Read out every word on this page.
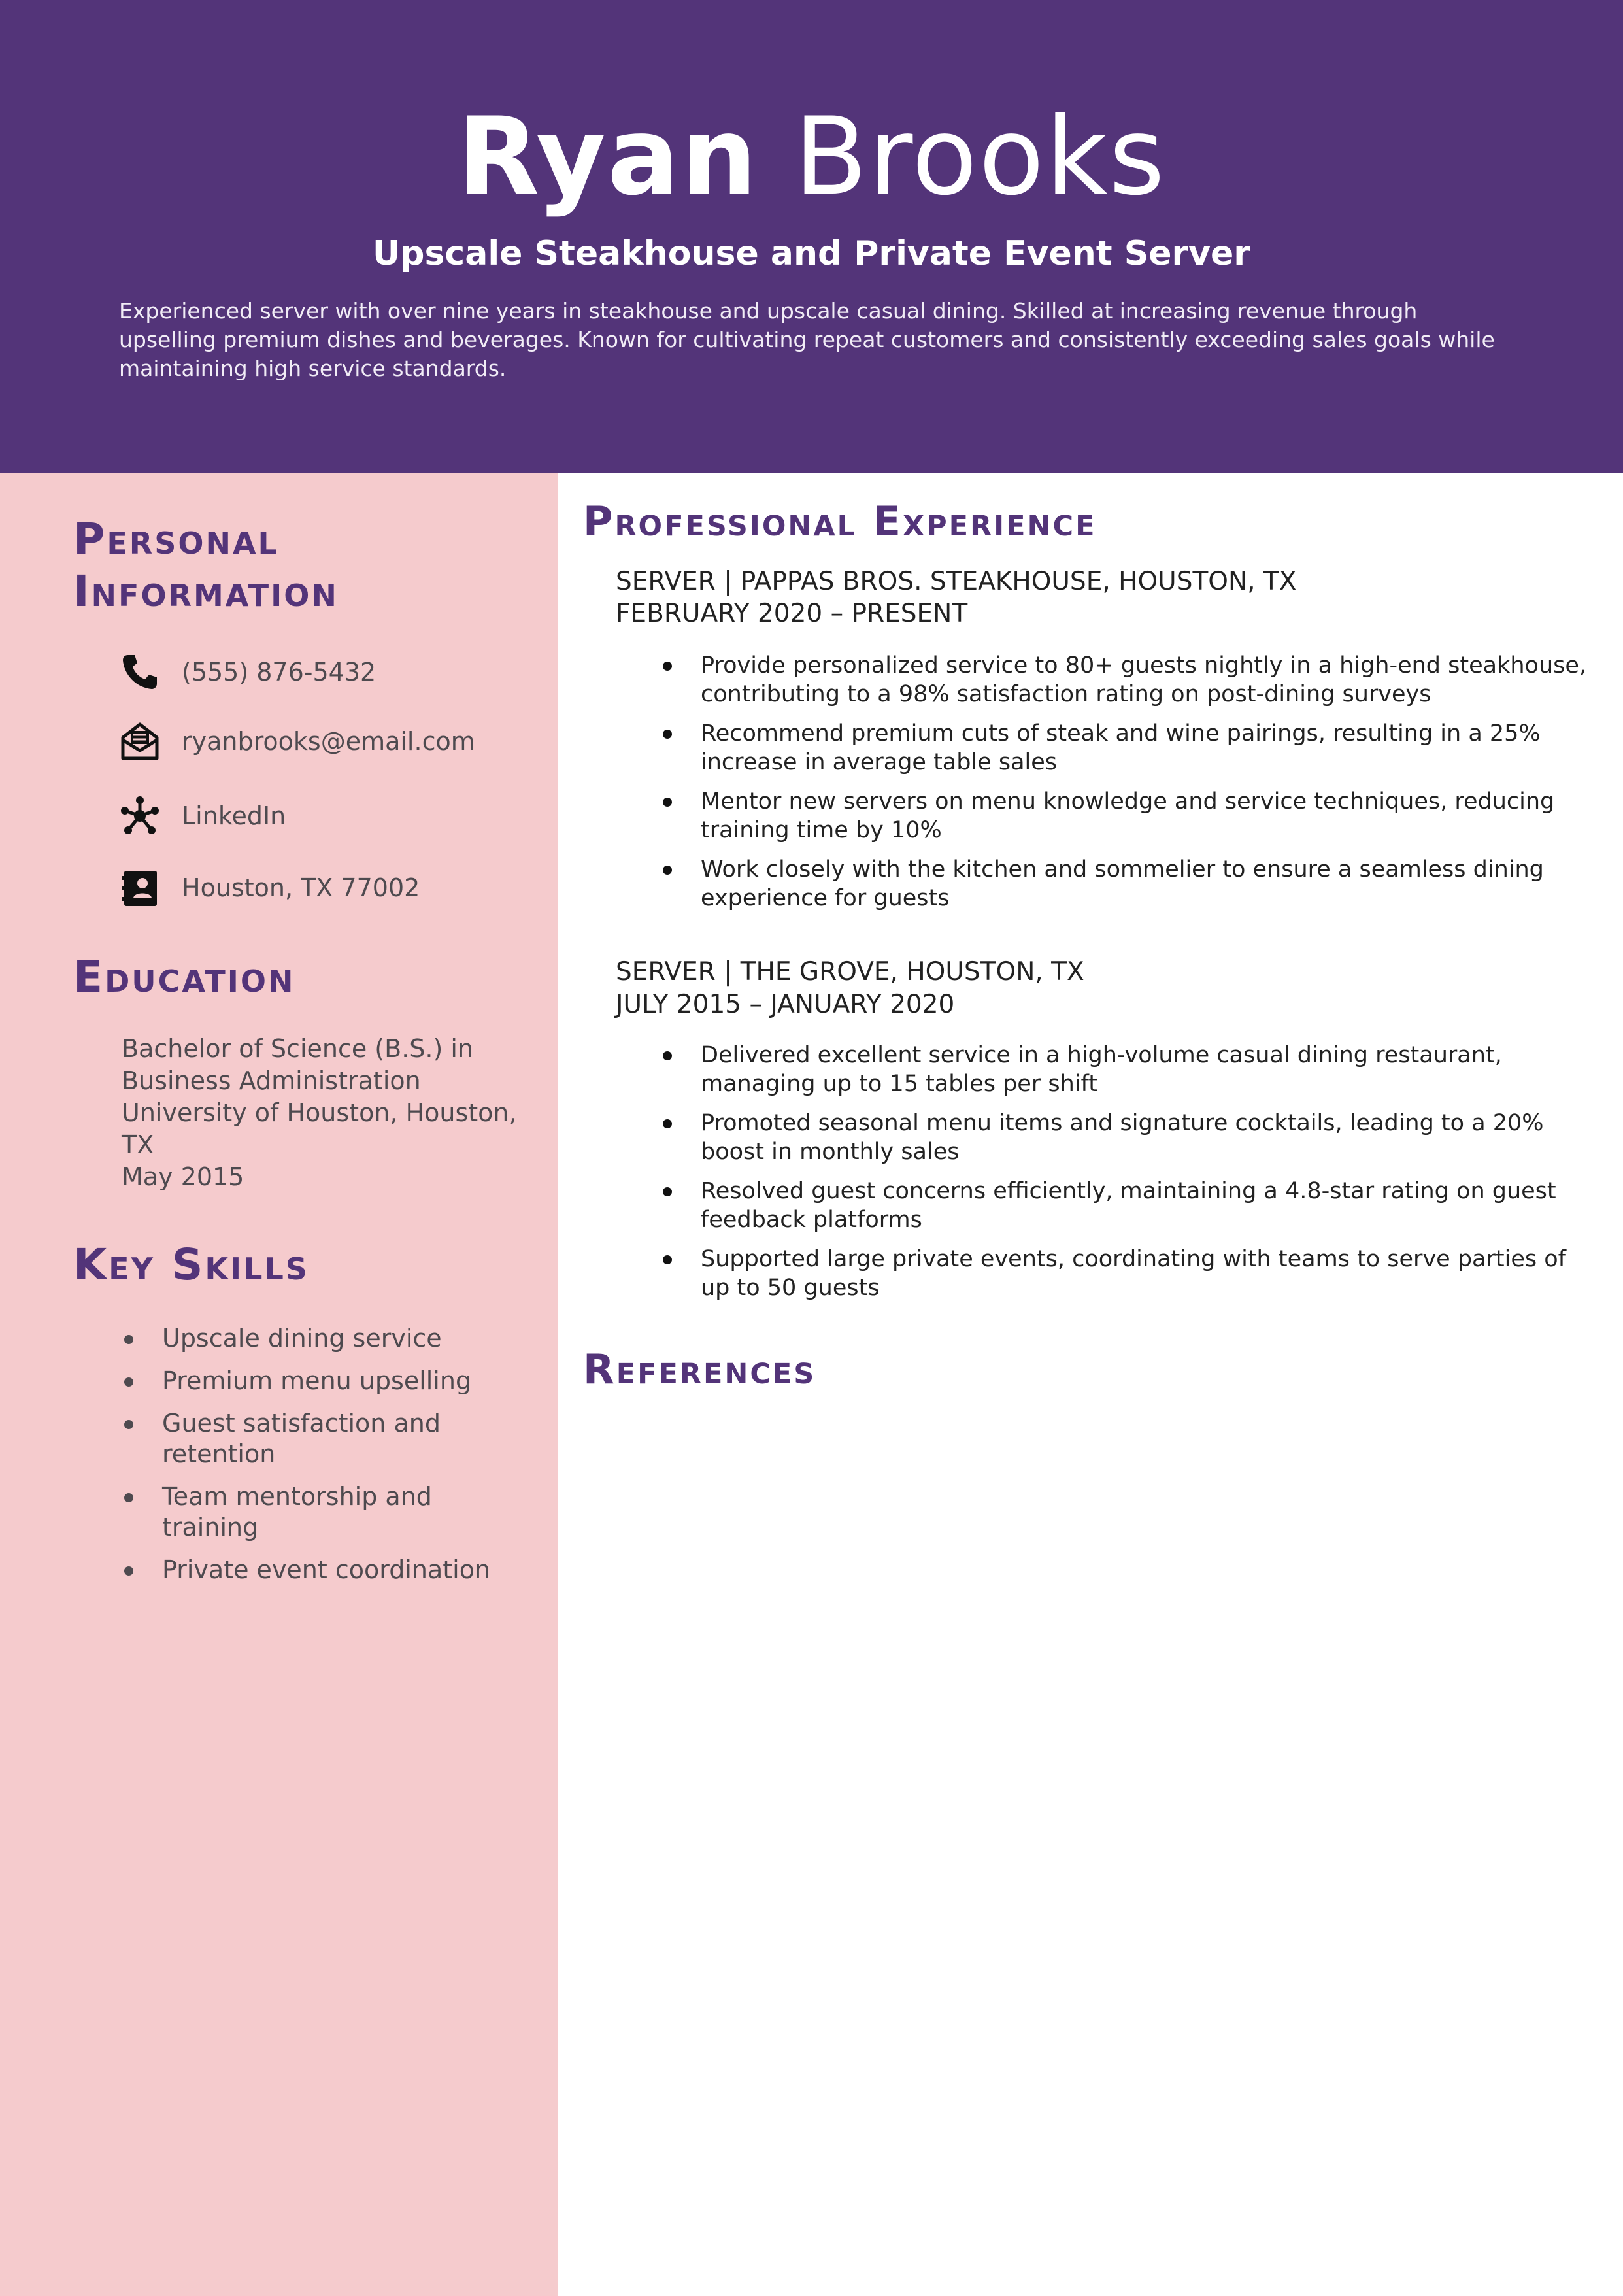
Ryan Brooks
Upscale Steakhouse and Private Event Server
Experienced server with over nine years in steakhouse and upscale casual dining. Skilled at increasing revenue through upselling premium dishes and beverages. Known for cultivating repeat customers and consistently exceeding sales goals while maintaining high service standards.
Personal
Information
(555) 876-5432
ryanbrooks@email.com
LinkedIn
Houston, TX 77002
Education
Bachelor of Science (B.S.) in
Business Administration
University of Houston, Houston,
TX
May 2015
Key Skills
Upscale dining service
Premium menu upselling
Guest satisfaction and retention
Team mentorship and training
Private event coordination
Professional Experience
SERVER | PAPPAS BROS. STEAKHOUSE, HOUSTON, TX
FEBRUARY 2020 – PRESENT
Provide personalized service to 80+ guests nightly in a high-end steakhouse, contributing to a 98% satisfaction rating on post-dining surveys
Recommend premium cuts of steak and wine pairings, resulting in a 25% increase in average table sales
Mentor new servers on menu knowledge and service techniques, reducing training time by 10%
Work closely with the kitchen and sommelier to ensure a seamless dining experience for guests
SERVER | THE GROVE, HOUSTON, TX
JULY 2015 – JANUARY 2020
Delivered excellent service in a high-volume casual dining restaurant, managing up to 15 tables per shift
Promoted seasonal menu items and signature cocktails, leading to a 20% boost in monthly sales
Resolved guest concerns efficiently, maintaining a 4.8-star rating on guest feedback platforms
Supported large private events, coordinating with teams to serve parties of up to 50 guests
References
